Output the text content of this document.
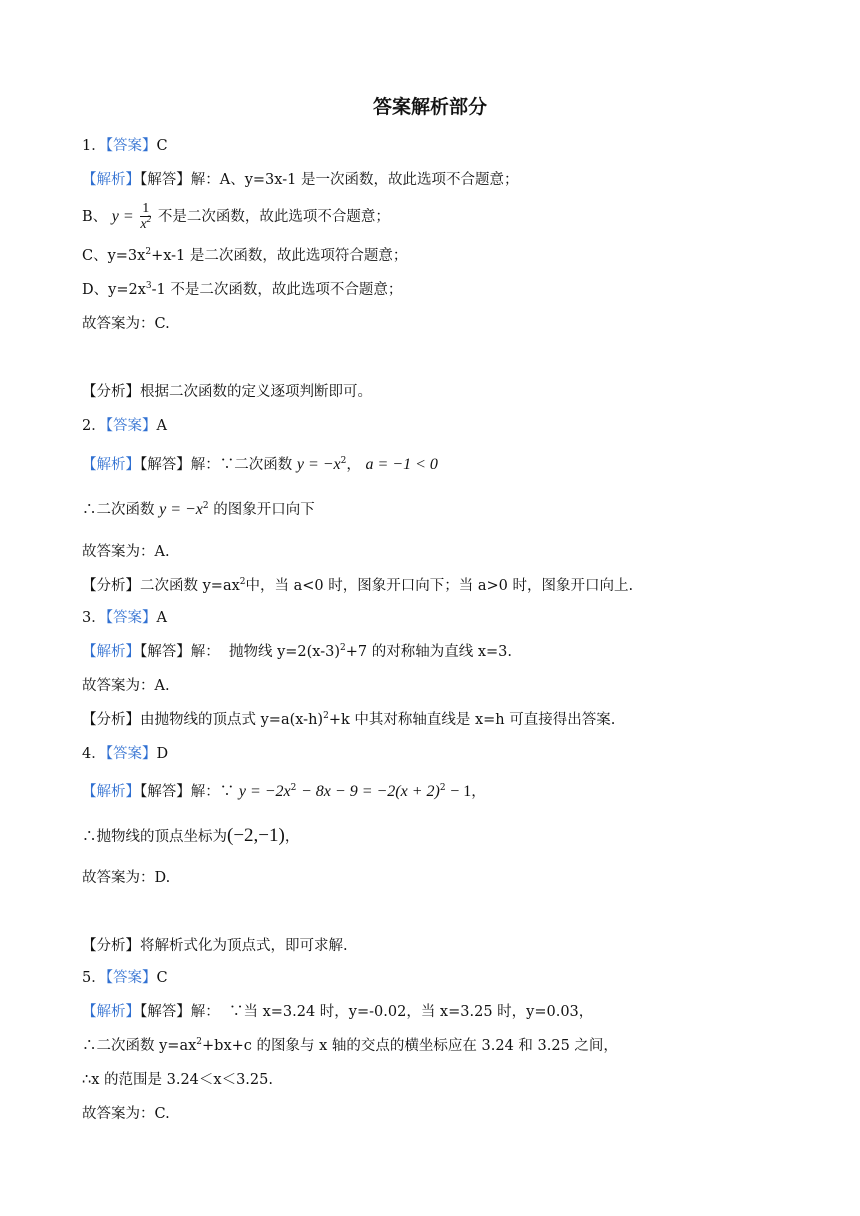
答案解析部分
1．【答案】C
【解析】【解答】解：A、y=3x-1 是一次函数，故此选项不合题意；
B、 $y = \frac{1}{x^2}$ 不是二次函数，故此选项不合题意；
C、$y=3x^2+x-1$ 是二次函数，故此选项符合题意；
D、$y=2x^3-1$ 不是二次函数，故此选项不合题意；
故答案为：C.
【分析】根据二次函数的定义逐项判断即可。
2．【答案】A
【解析】【解答】解：∵二次函数 $y = -x^2$， a = −1 < 0
∴二次函数 $y = -x^2$ 的图象开口向下
故答案为：A.
【分析】二次函数 $y=ax^2$中，当 a<0 时，图象开口向下；当 a>0 时，图象开口向上.
3．【答案】A
【解析】【解答】解：  抛物线 $y=2(x-3)^2+7$ 的对称轴为直线 x=3.
故答案为：A.
【分析】由抛物线的顶点式 $y=a(x-h)^2+k$ 中其对称轴直线是 x=h 可直接得出答案.
4．【答案】D
【解析】【解答】解：∵ $y = -2x^2 - 8x - 9 = -2(x + 2)^2 - 1$，
∴抛物线的顶点坐标为(−2,−1)，
故答案为：D.
【分析】将解析式化为顶点式，即可求解.
5．【答案】C
【解析】【解答】解：  ∵当 x=3.24 时，y=-0.02，当 x=3.25 时，y=0.03，
∴二次函数 $y=ax^2+bx+c$ 的图象与 x 轴的交点的横坐标应在 3.24 和 3.25 之间，
∴x 的范围是 3.24＜x＜3.25.
故答案为：C.
